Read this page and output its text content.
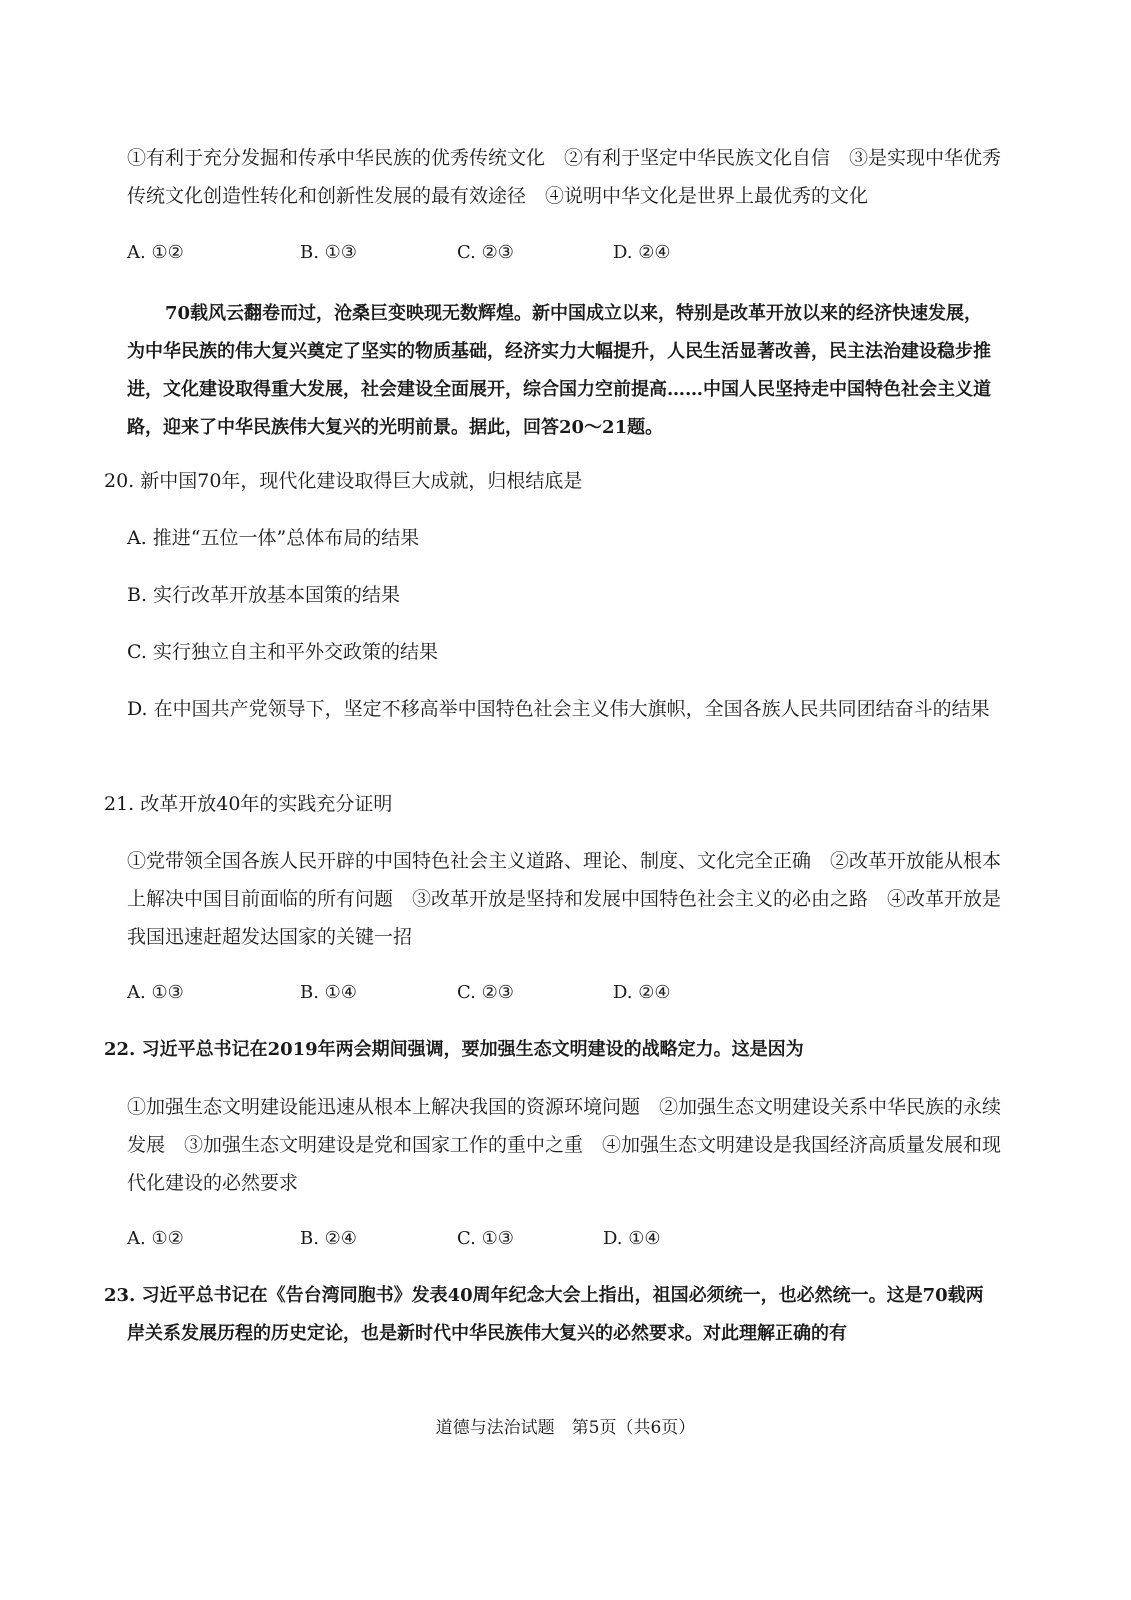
①有利于充分发掘和传承中华民族的优秀传统文化　②有利于坚定中华民族文化自信　③是实现中华优秀传统文化创造性转化和创新性发展的最有效途径　④说明中华文化是世界上最优秀的文化

A. ①②	B. ①③	C. ②③	D. ②④

70载风云翻卷而过，沧桑巨变映现无数辉煌。新中国成立以来，特别是改革开放以来的经济快速发展，为中华民族的伟大复兴奠定了坚实的物质基础，经济实力大幅提升，人民生活显著改善，民主法治建设稳步推进，文化建设取得重大发展，社会建设全面展开，综合国力空前提高……中国人民坚持走中国特色社会主义道路，迎来了中华民族伟大复兴的光明前景。据此，回答20～21题。

20. 新中国70年，现代化建设取得巨大成就，归根结底是

A. 推进“五位一体”总体布局的结果

B. 实行改革开放基本国策的结果

C. 实行独立自主和平外交政策的结果

D. 在中国共产党领导下，坚定不移高举中国特色社会主义伟大旗帜，全国各族人民共同团结奋斗的结果

21. 改革开放40年的实践充分证明

①党带领全国各族人民开辟的中国特色社会主义道路、理论、制度、文化完全正确　②改革开放能从根本上解决中国目前面临的所有问题　③改革开放是坚持和发展中国特色社会主义的必由之路　④改革开放是我国迅速赶超发达国家的关键一招

A. ①③	B. ①④	C. ②③	D. ②④

22. 习近平总书记在2019年两会期间强调，要加强生态文明建设的战略定力。这是因为

①加强生态文明建设能迅速从根本上解决我国的资源环境问题　②加强生态文明建设关系中华民族的永续发展　③加强生态文明建设是党和国家工作的重中之重　④加强生态文明建设是我国经济高质量发展和现代化建设的必然要求

A. ①②	B. ②④	C. ①③	D. ①④

23. 习近平总书记在《告台湾同胞书》发表40周年纪念大会上指出，祖国必须统一，也必然统一。这是70载两岸关系发展历程的历史定论，也是新时代中华民族伟大复兴的必然要求。对此理解正确的有

道德与法治试题　第5页（共6页）
